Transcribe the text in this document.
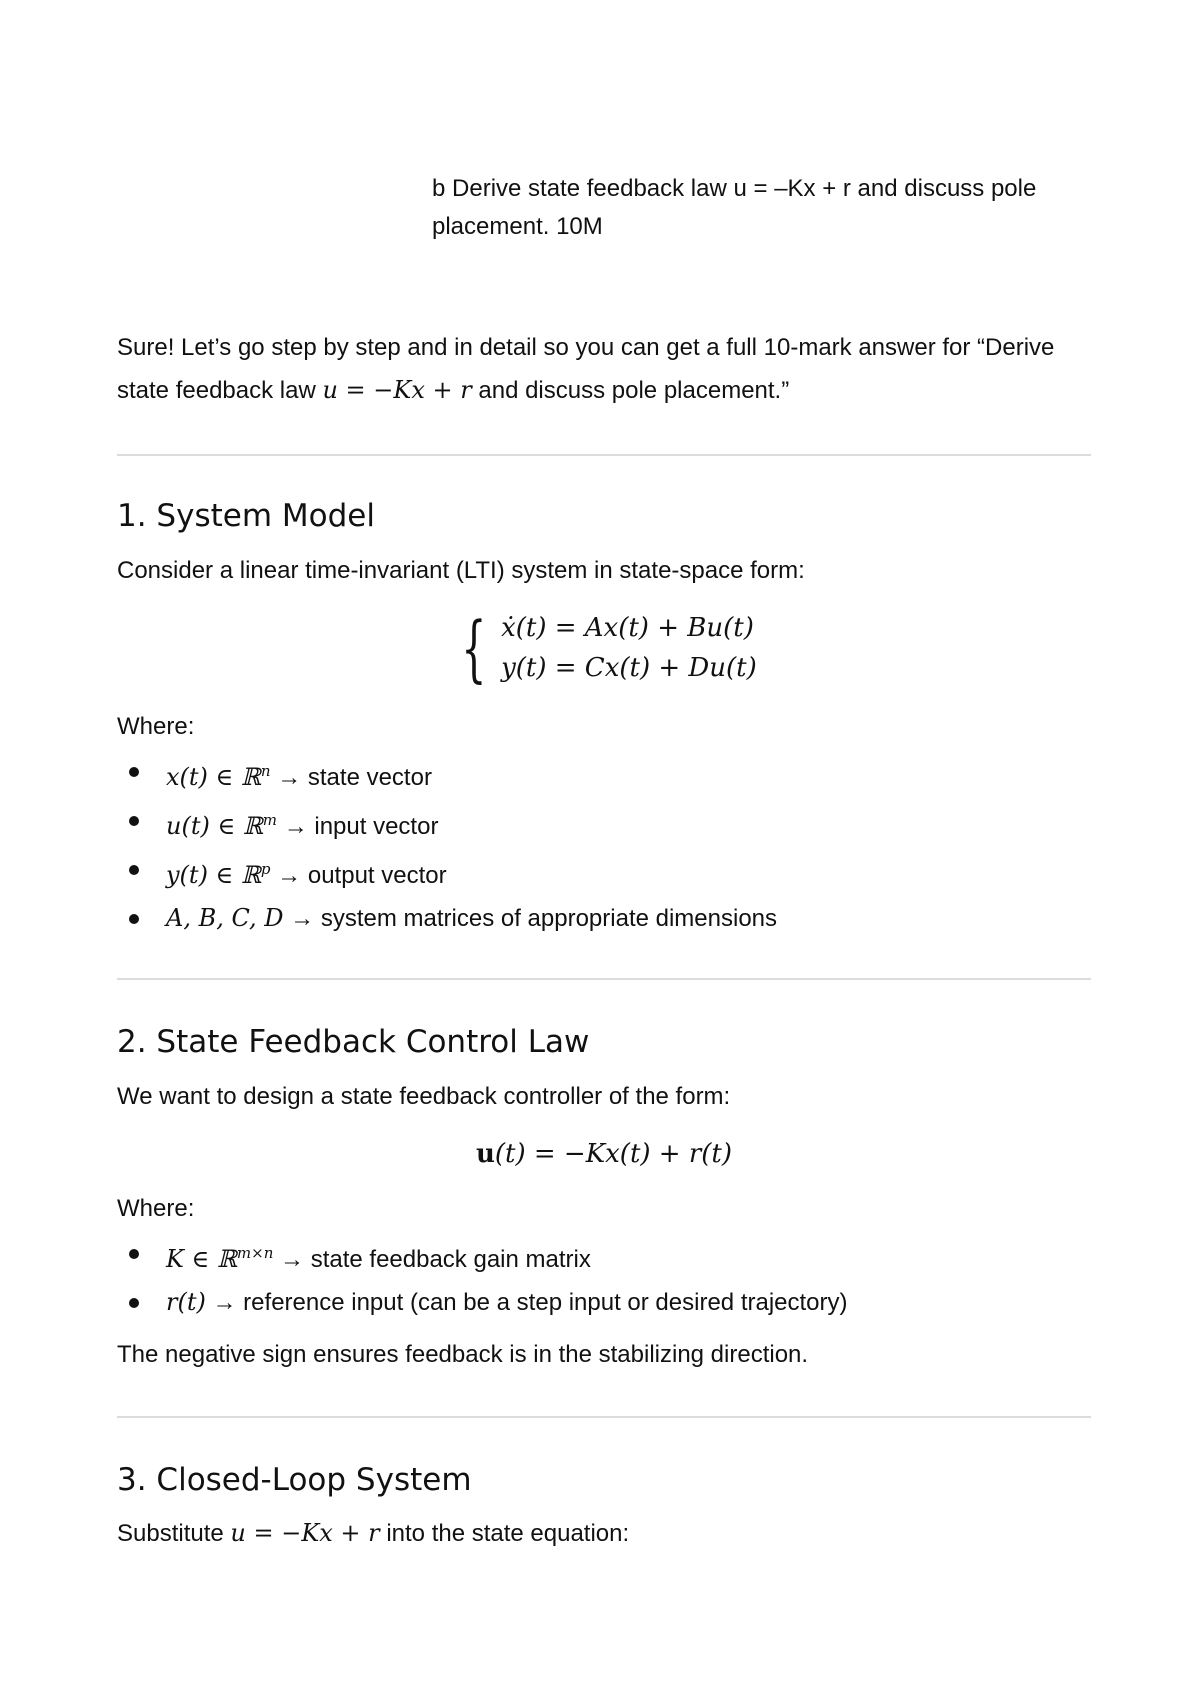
b Derive state feedback law u = –Kx + r and discuss pole
placement. 10M

Sure! Let’s go step by step and in detail so you can get a full 10-mark answer for “Derive state feedback law u = −Kx + r and discuss pole placement.”

1. System Model

Consider a linear time-invariant (LTI) system in state-space form:

{ ẋ(t) = Ax(t) + Bu(t)
y(t) = Cx(t) + Du(t)

Where:

x(t) ∈ ℝ$^n$ → state vector
u(t) ∈ ℝ$^m$ → input vector
y(t) ∈ ℝ$^p$ → output vector
A, B, C, D → system matrices of appropriate dimensions
2. State Feedback Control Law

We want to design a state feedback controller of the form:

u(t) = −Kx(t) + r(t)

Where:

K ∈ ℝ$^{m\times n}$ → state feedback gain matrix
r(t) → reference input (can be a step input or desired trajectory)

The negative sign ensures feedback is in the stabilizing direction.

3. Closed-Loop System

Substitute u = −Kx + r into the state equation:
